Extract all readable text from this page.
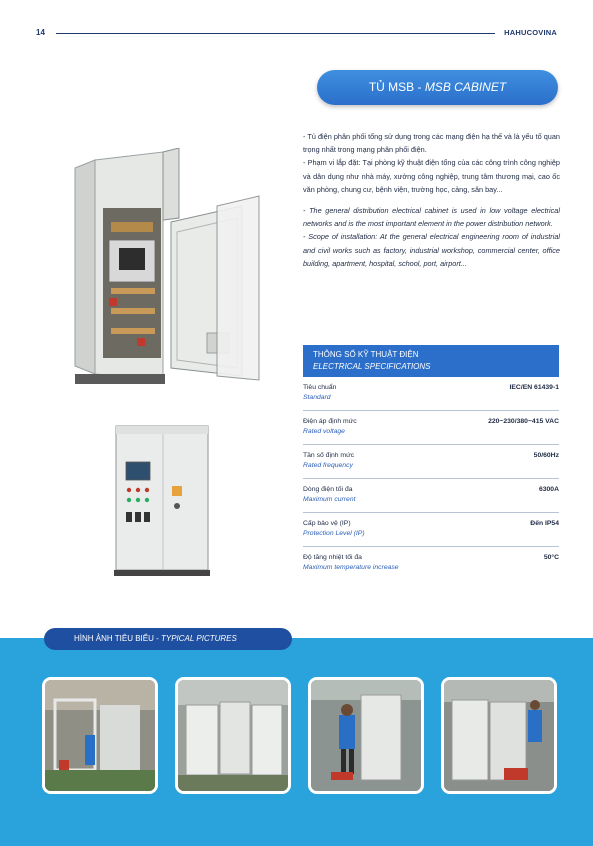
14	HAHUCOVINA
TỦ MSB - MSB CABINET

- Tủ điện phân phối tổng sử dụng trong các mạng điện hạ thế và là yếu tố quan trọng nhất trong mạng phân phối điện.

- Phạm vi lắp đặt: Tại phòng kỹ thuật điện tổng của các công trình công nghiệp và dân dụng như nhà máy, xưởng công nghiệp, trung tâm thương mại, cao ốc văn phòng, chung cư, bệnh viện, trường học, cảng, sân bay...

- The general distribution electrical cabinet is used in low voltage electrical networks and is the most important element in the power distribution network.

- Scope of installation: At the general electrical engineering room of industrial and civil works such as factory, industrial workshop, commercial center, office building, apartment, hospital, school, port, airport...

THÔNG SỐ KỸ THUẬT ĐIỆN
ELECTRICAL SPECIFICATIONS
Tiêu chuẩn
Standard
IEC/EN 61439-1
Điện áp định mức
Rated voltage
220~230/380~415 VAC
Tần số định mức
Rated frequency
50/60Hz
Dòng điện tối đa
Maximum current
6300A
Cấp bảo vệ (IP)
Protection Level (IP)
Đến IP54
Độ tăng nhiệt tối đa
Maximum temperature increase
50°C
HÌNH ẢNH TIÊU BIỂU - TYPICAL PICTURES
